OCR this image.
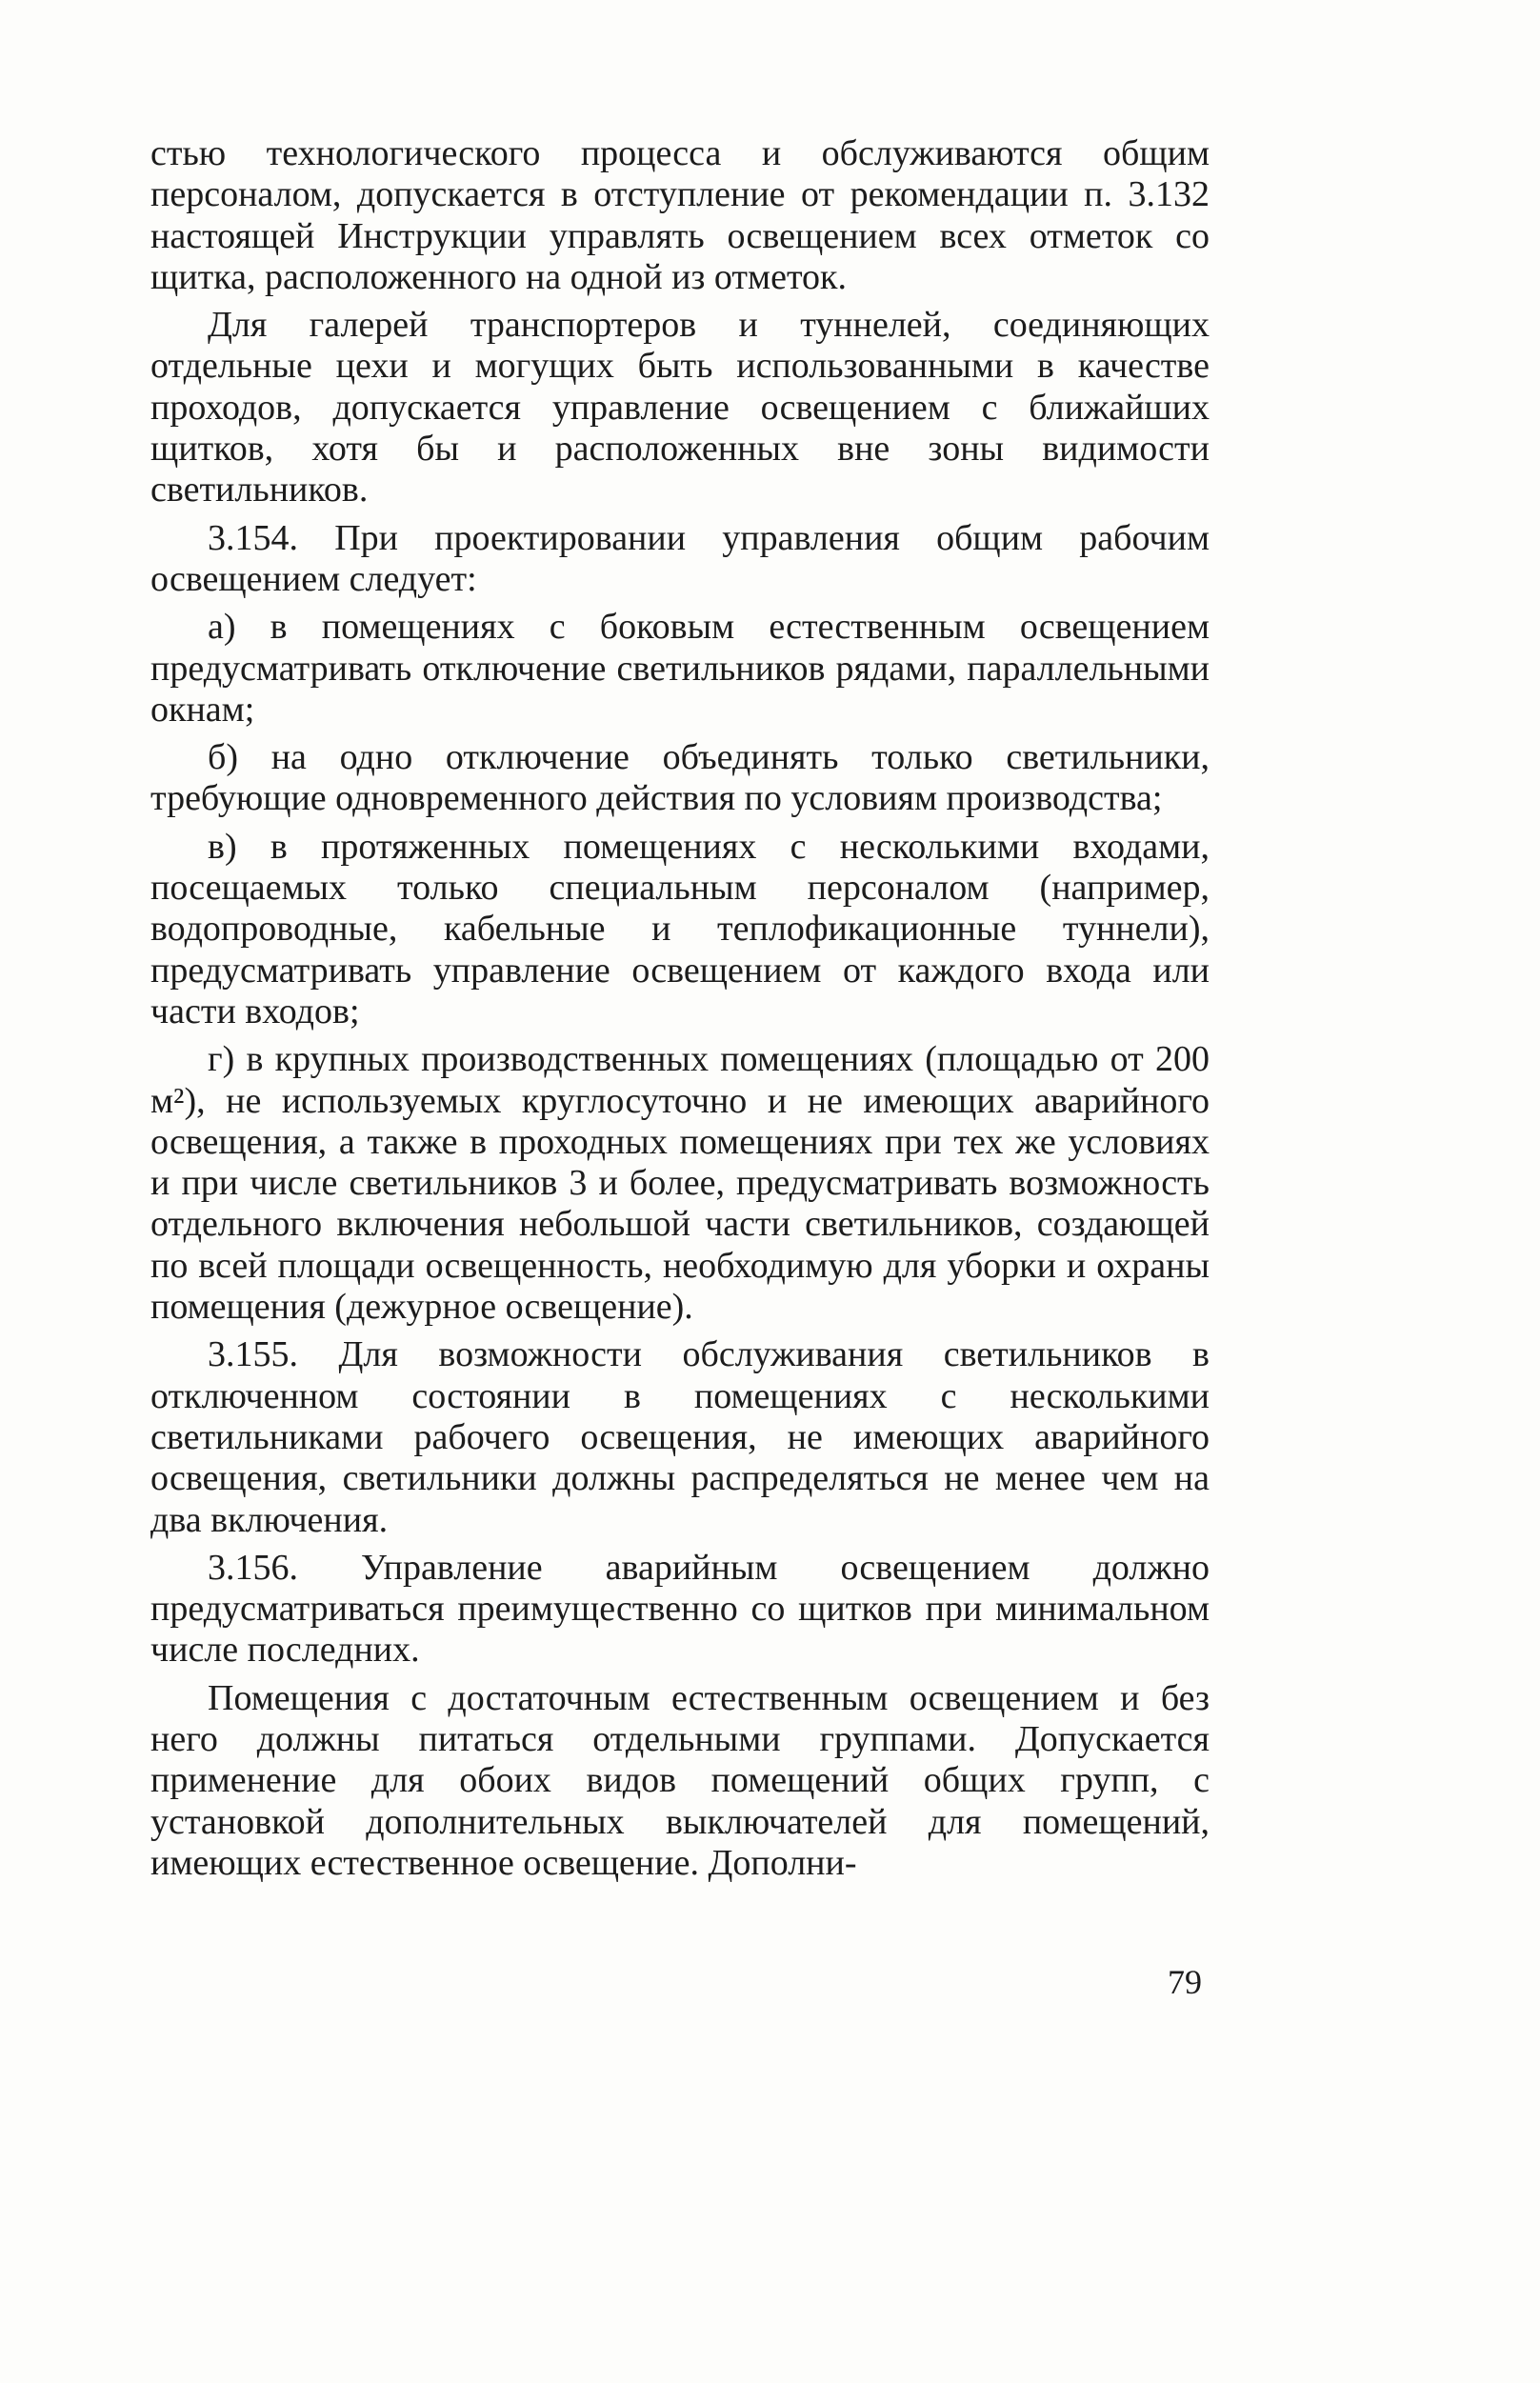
стью технологического процесса и обслуживаются общим персоналом, допускается в отступление от рекомендации п. 3.132 настоящей Инструкции управлять освещением всех отметок со щитка, расположенного на одной из отметок.

Для галерей транспортеров и туннелей, соединяющих отдельные цехи и могущих быть использованными в качестве проходов, допускается управление освещением с ближайших щитков, хотя бы и расположенных вне зоны видимости светильников.

3.154. При проектировании управления общим рабочим освещением следует:

а) в помещениях с боковым естественным освещением предусматривать отключение светильников рядами, параллельными окнам;

б) на одно отключение объединять только светильники, требующие одновременного действия по условиям производства;

в) в протяженных помещениях с несколькими входами, посещаемых только специальным персоналом (например, водопроводные, кабельные и теплофикационные туннели), предусматривать управление освещением от каждого входа или части входов;

г) в крупных производственных помещениях (площадью от 200 м²), не используемых круглосуточно и не имеющих аварийного освещения, а также в проходных помещениях при тех же условиях и при числе светильников 3 и более, предусматривать возможность отдельного включения небольшой части светильников, создающей по всей площади освещенность, необходимую для уборки и охраны помещения (дежурное освещение).

3.155. Для возможности обслуживания светильников в отключенном состоянии в помещениях с несколькими светильниками рабочего освещения, не имеющих аварийного освещения, светильники должны распределяться не менее чем на два включения.

3.156. Управление аварийным освещением должно предусматриваться преимущественно со щитков при минимальном числе последних.

Помещения с достаточным естественным освещением и без него должны питаться отдельными группами. Допускается применение для обоих видов помещений общих групп, с установкой дополнительных выключателей для помещений, имеющих естественное освещение. Дополни-

79
